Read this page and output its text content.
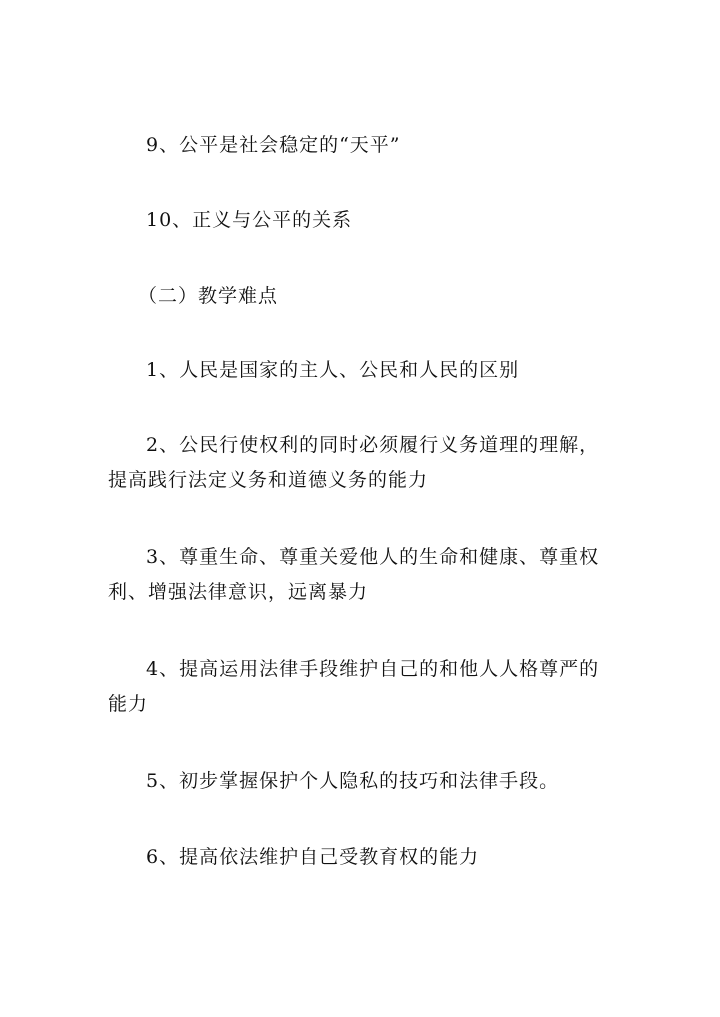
9、公平是社会稳定的“天平”

10、正义与公平的关系

（二）教学难点

1、人民是国家的主人、公民和人民的区别

2、公民行使权利的同时必须履行义务道理的理解，提高践行法定义务和道德义务的能力

3、尊重生命、尊重关爱他人的生命和健康、尊重权利、增强法律意识，远离暴力

4、提高运用法律手段维护自己的和他人人格尊严的能力

5、初步掌握保护个人隐私的技巧和法律手段。

6、提高依法维护自己受教育权的能力
